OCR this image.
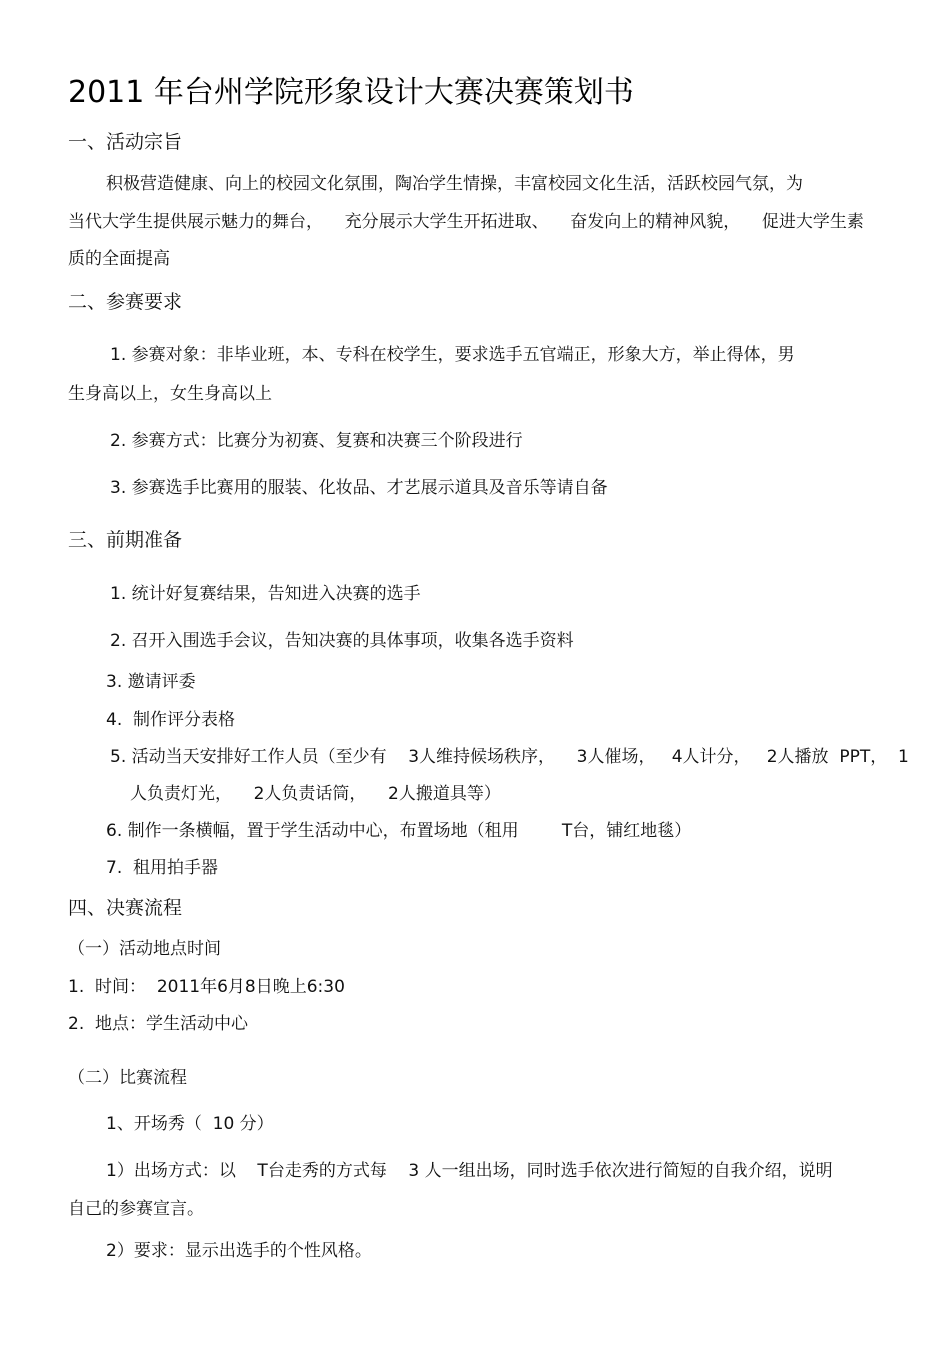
2011 年台州学院形象设计大赛决赛策划书
一、活动宗旨
积极营造健康、向上的校园文化氛围，陶冶学生情操，丰富校园文化生活，活跃校园气氛，为
当代大学生提供展示魅力的舞台，    充分展示大学生开拓进取、    奋发向上的精神风貌，    促进大学生素
质的全面提高
二、参赛要求
1. 参赛对象：非毕业班，本、专科在校学生，要求选手五官端正，形象大方，举止得体，男
生身高以上，女生身高以上
2. 参赛方式：比赛分为初赛、复赛和决赛三个阶段进行
3. 参赛选手比赛用的服装、化妆品、才艺展示道具及音乐等请自备
三、前期准备
1. 统计好复赛结果，告知进入决赛的选手
2. 召开入围选手会议，告知决赛的具体事项，收集各选手资料
3. 邀请评委
4.  制作评分表格
5. 活动当天安排好工作人员（至少有    3人维持候场秩序，    3人催场，   4人计分，   2人播放  PPT，  1
人负责灯光，    2人负责话筒，    2人搬道具等）
6. 制作一条横幅，置于学生活动中心，布置场地（租用        T台，铺红地毯）
7.  租用拍手器
四、决赛流程
（一）活动地点时间
1.  时间：  2011年6月8日晚上6:30
2.  地点：学生活动中心
（二）比赛流程
1、开场秀（  10 分）
1）出场方式：以    T台走秀的方式每    3 人一组出场，同时选手依次进行简短的自我介绍，说明
自己的参赛宣言。
2）要求：显示出选手的个性风格。
